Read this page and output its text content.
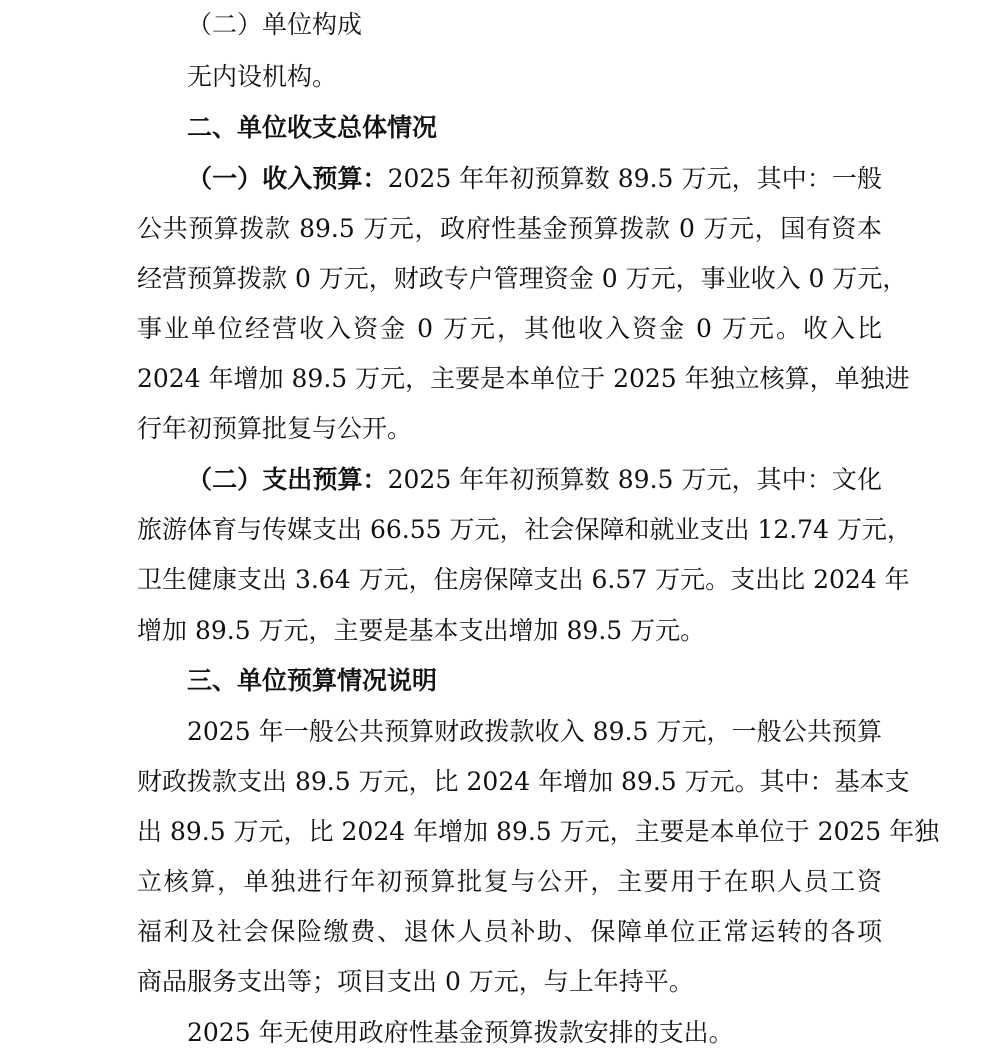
（二）单位构成
无内设机构。
二、单位收支总体情况
（一）收入预算：2025 年年初预算数 89.5 万元，其中：一般
公共预算拨款 89.5 万元，政府性基金预算拨款 0 万元，国有资本
经营预算拨款 0 万元，财政专户管理资金 0 万元，事业收入 0 万元，
事业单位经营收入资金 0 万元，其他收入资金 0 万元。收入比
2024 年增加 89.5 万元，主要是本单位于 2025 年独立核算，单独进
行年初预算批复与公开。
（二）支出预算：2025 年年初预算数 89.5 万元，其中：文化
旅游体育与传媒支出 66.55 万元，社会保障和就业支出 12.74 万元，
卫生健康支出 3.64 万元，住房保障支出 6.57 万元。支出比 2024 年
增加 89.5 万元，主要是基本支出增加 89.5 万元。
三、单位预算情况说明
2025 年一般公共预算财政拨款收入 89.5 万元，一般公共预算
财政拨款支出 89.5 万元，比 2024 年增加 89.5 万元。其中：基本支
出 89.5 万元，比 2024 年增加 89.5 万元，主要是本单位于 2025 年独
立核算，单独进行年初预算批复与公开，主要用于在职人员工资
福利及社会保险缴费、退休人员补助、保障单位正常运转的各项
商品服务支出等；项目支出 0 万元，与上年持平。
2025 年无使用政府性基金预算拨款安排的支出。
